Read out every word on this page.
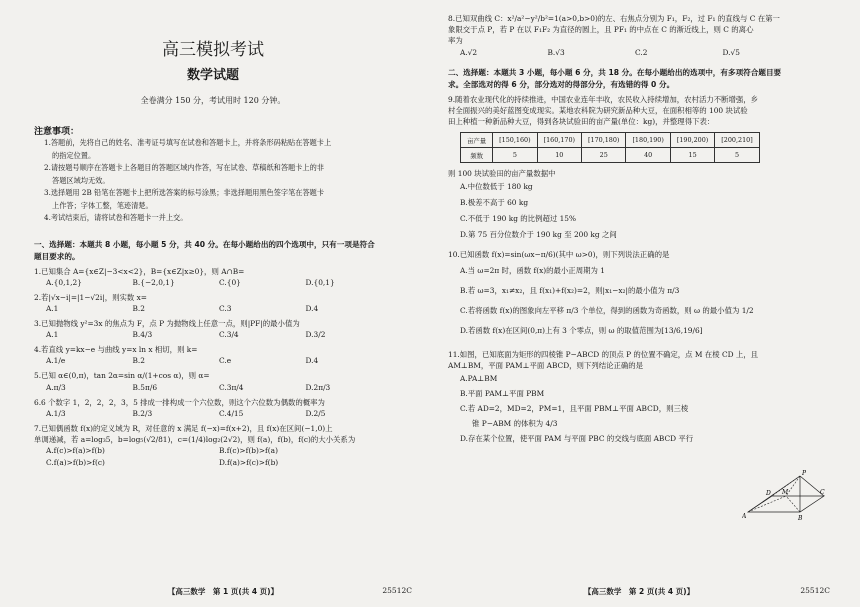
高三模拟考试
数学试题
全卷满分 150 分，考试用时 120 分钟。
注意事项：
1.答题前，先将自己的姓名、准考证号填写在试卷和答题卡上，并将条形码粘贴在答题卡上
的指定位置。
2.请按题号顺序在答题卡上各题目的答题区域内作答，写在试卷、草稿纸和答题卡上的非
答题区域均无效。
3.选择题用 2B 铅笔在答题卡上把所选答案的标号涂黑；非选择题用黑色签字笔在答题卡
上作答；字体工整，笔迹清楚。
4.考试结束后，请将试卷和答题卡一并上交。
一、选择题：本题共 8 小题，每小题 5 分，共 40 分。在每小题给出的四个选项中，只有一项是符合
题目要求的。
1.已知集合 A={x∈Z|−3<x<2}，B={x∈Z|x≥0}，则 A∩B=
A.{0,1,2}	B.{−2,0,1}	C.{0}	D.{0,1}
2.若|√x−i|=|1−√2i|，则实数 x=
A.1	B.2	C.3	D.4
3.已知抛物线 y²=3x 的焦点为 F，点 P 为抛物线上任意一点，则|PF|的最小值为
A.1	B.4/3	C.3/4	D.3/2
4.若直线 y=kx−e 与曲线 y=x ln x 相切，则 k=
A.1/e	B.2	C.e	D.4
5.已知 α∈(0,π)，tan 2α=sin α/(1+cos α)，则 α=
A.π/3	B.5π/6	C.3π/4	D.2π/3
6.6 个数字 1，2，2，2，3，5 排成一排构成一个六位数，则这个六位数为偶数的概率为
A.1/3	B.2/3	C.4/15	D.2/5
7.已知偶函数 f(x)的定义域为 R，对任意的 x 满足 f(−x)=f(x+2)，且 f(x)在区间(−1,0)上
单调递减，若 a=log₃5，b=log₅(√2/81)，c=(1/4)log₂(2√2)，则 f(a)，f(b)，f(c)的大小关系为
A.f(c)>f(a)>f(b)	B.f(c)>f(b)>f(a)
C.f(a)>f(b)>f(c)	D.f(a)>f(c)>f(b)
8.已知双曲线 C：x²/a²−y²/b²=1(a>0,b>0)的左、右焦点分别为 F₁，F₂，过 F₁ 的直线与 C 在第一
象限交于点 P，若 P 在以 F₁F₂ 为直径的圆上，且 PF₁ 的中点在 C 的渐近线上，则 C 的离心
率为
A.√2	B.√3	C.2	D.√5
二、选择题：本题共 3 小题，每小题 6 分，共 18 分。在每小题给出的选项中，有多项符合题目要
求。全部选对的得 6 分，部分选对的得部分分，有选错的得 0 分。
9.随着农业现代化的持续推进，中国农业连年丰收，农民收入持续增加，农村活力不断增强，乡
村全面振兴的美好蓝图变成现实。某地农科院为研究新品种大豆，在面积相等的 100 块试验
田上种植一种新品种大豆，得到各块试验田的亩产量(单位：kg)，并整理得下表：
亩产量	[150,160)	[160,170)	[170,180)	[180,190)	[190,200)	[200,210]
频数	5	10	25	40	15	5
则 100 块试验田的亩产量数据中
A.中位数低于 180 kg
B.极差不高于 60 kg
C.不低于 190 kg 的比例超过 15%
D.第 75 百分位数介于 190 kg 至 200 kg 之间
10.已知函数 f(x)=sin(ωx−π/6)(其中 ω>0)，则下列说法正确的是
A.当 ω=2π 时，函数 f(x)的最小正周期为 1
B.若 ω=3，x₁≠x₂，且 f(x₁)+f(x₂)=2，则|x₁−x₂|的最小值为 π/3
C.若将函数 f(x)的图象向左平移 π/3 个单位，得到的函数为奇函数，则 ω 的最小值为 1/2
D.若函数 f(x)在区间(0,π)上有 3 个零点，则 ω 的取值范围为[13/6,19/6]
11.如图，已知底面为矩形的四棱锥 P−ABCD 的顶点 P 的位置不确定，点 M 在棱 CD 上，且
AM⊥BM，平面 PAM⊥平面 ABCD，则下列结论正确的是
A.PA⊥BM
B.平面 PAM⊥平面 PBM
C.若 AD=2，MD=2，PM=1，且平面 PBM⊥平面 ABCD，则三棱
锥 P−ABM 的体积为 4/3
D.存在某个位置，使平面 PAM 与平面 PBC 的交线与底面 ABCD 平行
P
A	B
C
D M
【高三数学　第 1 页(共 4 页)】	25512C	【高三数学　第 2 页(共 4 页)】	25512C
